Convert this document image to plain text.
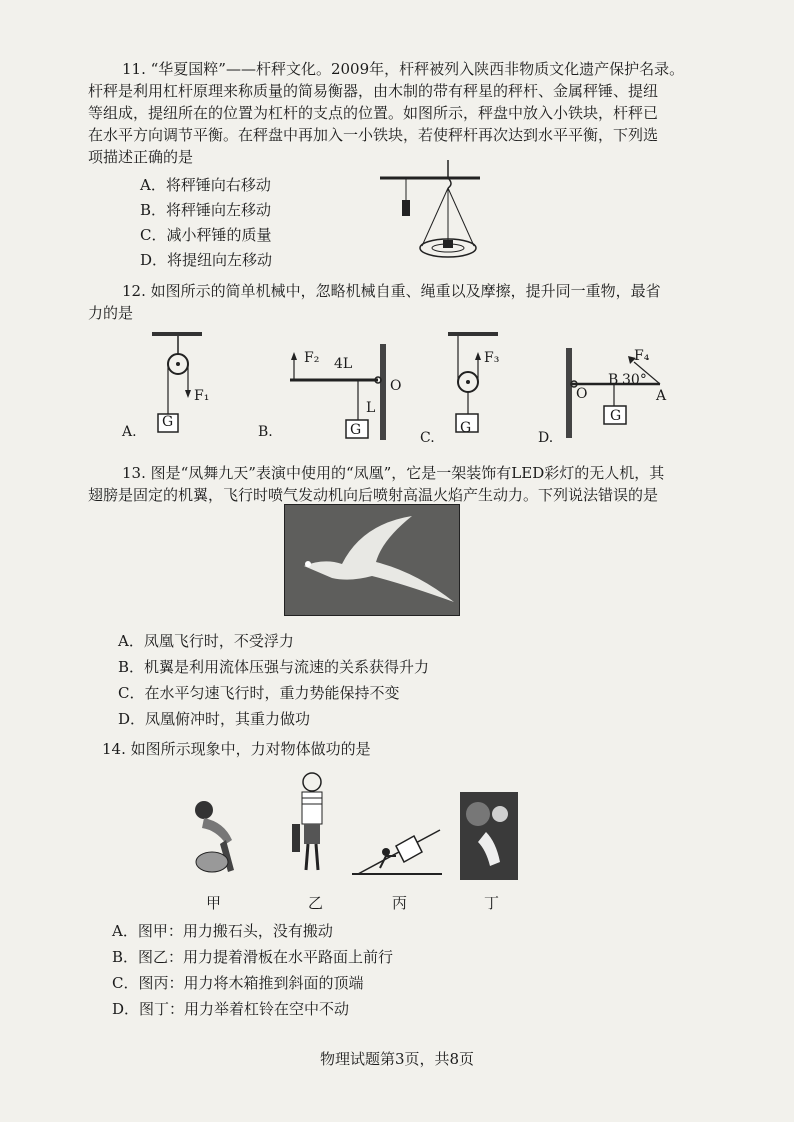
11. “华夏国粹”——杆秤文化。2009年，杆秤被列入陕西非物质文化遗产保护名录。
杆秤是利用杠杆原理来称质量的简易衡器，由木制的带有秤星的秤杆、金属秤锤、提纽
等组成，提纽所在的位置为杠杆的支点的位置。如图所示，秤盘中放入小铁块，杆秤已
在水平方向调节平衡。在秤盘中再加入一小铁块，若使秤杆再次达到水平平衡，下列选
项描述正确的是
A．将秤锤向右移动
B．将秤锤向左移动
C．减小秤锤的质量
D．将提纽向左移动
12. 如图所示的简单机械中，忽略机械自重、绳重以及摩擦，提升同一重物，最省
力的是
G
F₁
A.
F₂ 4L
L
O
G
B.
F₃
G
C.
F₄
B 30°
O	A
G
D.
13. 图是“凤舞九天”表演中使用的“凤凰”，它是一架装饰有LED彩灯的无人机，其
翅膀是固定的机翼，飞行时喷气发动机向后喷射高温火焰产生动力。下列说法错误的是
A．凤凰飞行时，不受浮力
B．机翼是利用流体压强与流速的关系获得升力
C．在水平匀速飞行时，重力势能保持不变
D．凤凰俯冲时，其重力做功
14. 如图所示现象中，力对物体做功的是
甲	乙	丙	丁
A．图甲：用力搬石头，没有搬动
B．图乙：用力提着滑板在水平路面上前行
C．图丙：用力将木箱推到斜面的顶端
D．图丁：用力举着杠铃在空中不动
物理试题第3页，共8页
